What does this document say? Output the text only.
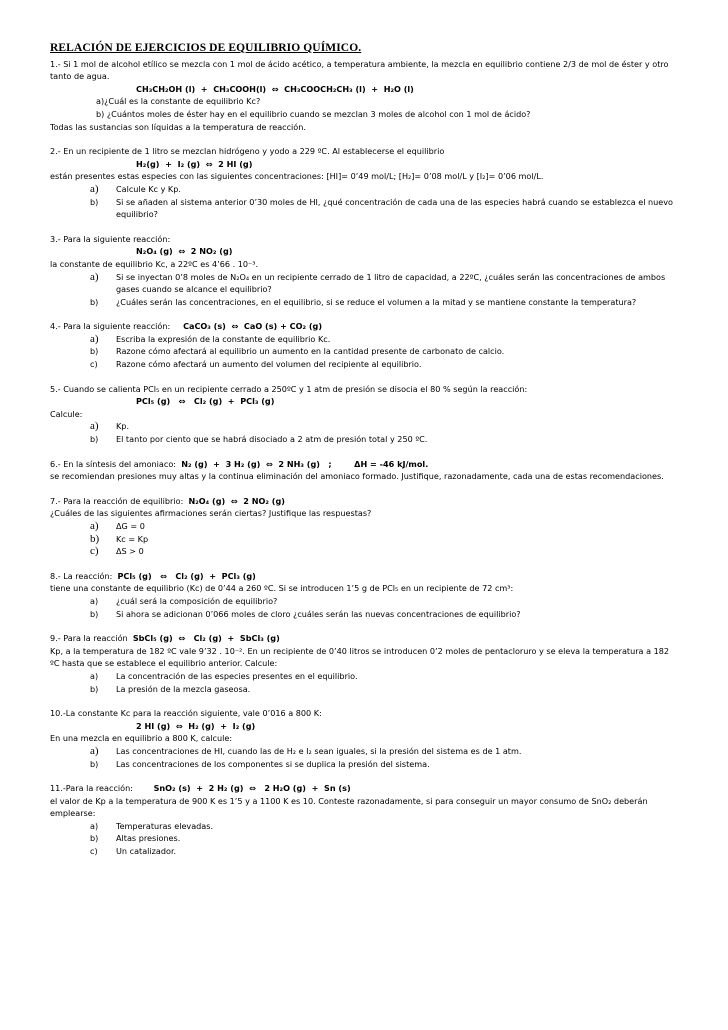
RELACIÓN DE EJERCICIOS DE EQUILIBRIO QUÍMICO.
1.- Si 1 mol de alcohol etílico se mezcla con 1 mol de ácido acético, a temperatura ambiente, la mezcla en equilibrio contiene 2/3 de mol de éster y otro tanto de agua.
CH₃CH₂OH (l)  +  CH₃COOH(l)  ⇔  CH₃COOCH₂CH₃ (l)  +  H₂O (l)
a)¿Cuál es la constante de equilibrio Kc?
b) ¿Cuántos moles de éster hay en el equilibrio cuando se mezclan 3 moles de alcohol con 1 mol de ácido?
Todas las sustancias son líquidas a la temperatura de reacción.
2.- En un recipiente de 1 litro se mezclan hidrógeno y yodo a 229 ºC. Al establecerse el equilibrio
H₂(g)  +  I₂ (g)  ⇔  2 HI (g)
están presentes estas especies con las siguientes concentraciones: [HI]= 0’49 mol/L; [H₂]= 0’08 mol/L y [I₂]= 0’06 mol/L.
a)	Calcule Kc y Kp.
b)	Si se añaden al sistema anterior 0’30 moles de HI, ¿qué concentración de cada una de las especies habrá cuando se establezca el nuevo equilibrio?
3.- Para la siguiente reacción:
N₂O₄ (g)  ⇔  2 NO₂ (g)
la constante de equilibrio Kc, a 22ºC es 4’66 . 10⁻³.
a)	Si se inyectan 0’8 moles de N₂O₄ en un recipiente cerrado de 1 litro de capacidad, a 22ºC, ¿cuáles serán las concentraciones de ambos gases cuando se alcance el equilibrio?
b)	¿Cuáles serán las concentraciones, en el equilibrio, si se reduce el volumen a la mitad y se mantiene constante la temperatura?
4.- Para la siguiente reacción: CaCO₃ (s)  ⇔  CaO (s) + CO₂ (g)
a)	Escriba la expresión de la constante de equilibrio Kc.
b)	Razone cómo afectará al equilibrio un aumento en la cantidad presente de carbonato de calcio.
c)	Razone cómo afectará un aumento del volumen del recipiente al equilibrio.
5.- Cuando se calienta PCl₅ en un recipiente cerrado a 250ºC y 1 atm de presión se disocia el 80 % según la reacción:
PCl₅ (g)   ⇔   Cl₂ (g)  +  PCl₃ (g)
Calcule:
a)	Kp.
b)	El tanto por ciento que se habrá disociado a 2 atm de presión total y 250 ºC.
6.- En la síntesis del amoniaco: N₂ (g)  +  3 H₂ (g)  ⇔  2 NH₃ (g)   ;        ΔH = -46 kJ/mol.
se recomiendan presiones muy altas y la continua eliminación del amoniaco formado. Justifique, razonadamente, cada una de estas recomendaciones.
7.- Para la reacción de equilibrio: N₂O₄ (g)  ⇔  2 NO₂ (g)
¿Cuáles de las siguientes afirmaciones serán ciertas? Justifique las respuestas?
a)	ΔG = 0
b)	Kc = Kp
c)	ΔS > 0
8.- La reacción: PCl₅ (g)   ⇔   Cl₂ (g)  +  PCl₃ (g)
tiene una constante de equilibrio (Kc) de 0’44 a 260 ºC. Si se introducen 1’5 g de PCl₅ en un recipiente de 72 cm³:
a)	¿cuál será la composición de equilibrio?
b)	Si ahora se adicionan 0’066 moles de cloro ¿cuáles serán las nuevas concentraciones de equilibrio?
9.- Para la reacción SbCl₅ (g)  ⇔   Cl₂ (g)  +  SbCl₃ (g)
Kp, a la temperatura de 182 ºC vale 9’32 . 10⁻². En un recipiente de 0’40 litros se introducen 0’2 moles de pentacloruro y se eleva la temperatura a 182 ºC hasta que se establece el equilibrio anterior. Calcule:
a)	La concentración de las especies presentes en el equilibrio.
b)	La presión de la mezcla gaseosa.
10.-La constante Kc para la reacción siguiente, vale 0’016 a 800 K:
2 HI (g)  ⇔  H₂ (g)  +  I₂ (g)
En una mezcla en equilibrio a 800 K, calcule:
a)	Las concentraciones de HI, cuando las de H₂ e I₂ sean iguales, si la presión del sistema es de 1 atm.
b)	Las concentraciones de los componentes si se duplica la presión del sistema.
11.-Para la reacción:	SnO₂ (s)  +  2 H₂ (g)  ⇔   2 H₂O (g)  +  Sn (s)
el valor de Kp a la temperatura de 900 K es 1’5 y a 1100 K es 10. Conteste razonadamente, si para conseguir un mayor consumo de SnO₂ deberán emplearse:
a)	Temperaturas elevadas.
b)	Altas presiones.
c)	Un catalizador.
